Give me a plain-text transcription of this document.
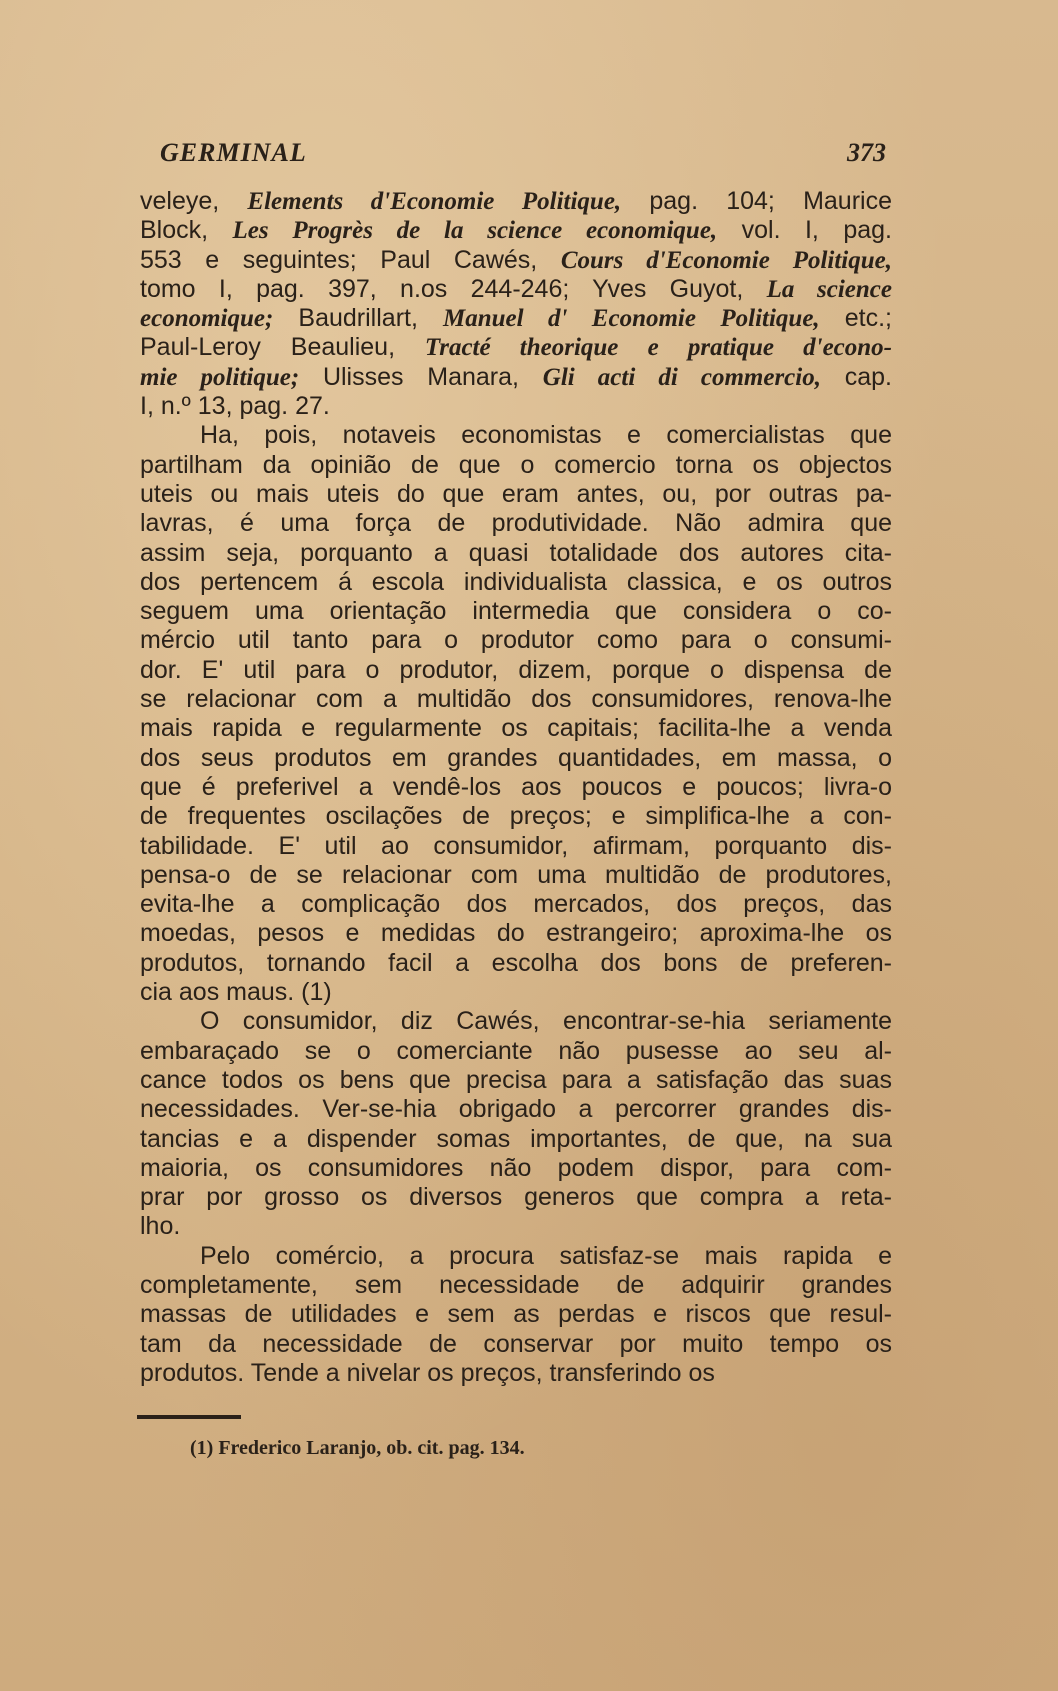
GERMINAL	373
veleye, Elements d'Economie Politique, pag. 104; Maurice
Block, Les Progrès de la science economique, vol. I, pag.
553 e seguintes; Paul Cawés, Cours d'Economie Politique,
tomo I, pag. 397, n.os 244-246; Yves Guyot, La science
economique; Baudrillart, Manuel d' Economie Politique, etc.;
Paul-Leroy Beaulieu, Tracté theorique e pratique d'econo-
mie politique; Ulisses Manara, Gli acti di commercio, cap.
I, n.º 13, pag. 27.
Ha, pois, notaveis economistas e comercialistas que
partilham da opinião de que o comercio torna os objectos
uteis ou mais uteis do que eram antes, ou, por outras pa-
lavras, é uma força de produtividade. Não admira que
assim seja, porquanto a quasi totalidade dos autores cita-
dos pertencem á escola individualista classica, e os outros
seguem uma orientação intermedia que considera o co-
mércio util tanto para o produtor como para o consumi-
dor. E' util para o produtor, dizem, porque o dispensa de
se relacionar com a multidão dos consumidores, renova-lhe
mais rapida e regularmente os capitais; facilita-lhe a venda
dos seus produtos em grandes quantidades, em massa, o
que é preferivel a vendê-los aos poucos e poucos; livra-o
de frequentes oscilações de preços; e simplifica-lhe a con-
tabilidade. E' util ao consumidor, afirmam, porquanto dis-
pensa-o de se relacionar com uma multidão de produtores,
evita-lhe a complicação dos mercados, dos preços, das
moedas, pesos e medidas do estrangeiro; aproxima-lhe os
produtos, tornando facil a escolha dos bons de preferen-
cia aos maus. (1)
O consumidor, diz Cawés, encontrar-se-hia seriamente
embaraçado se o comerciante não pusesse ao seu al-
cance todos os bens que precisa para a satisfação das suas
necessidades. Ver-se-hia obrigado a percorrer grandes dis-
tancias e a dispender somas importantes, de que, na sua
maioria, os consumidores não podem dispor, para com-
prar por grosso os diversos generos que compra a reta-
lho.
Pelo comércio, a procura satisfaz-se mais rapida e
completamente, sem necessidade de adquirir grandes
massas de utilidades e sem as perdas e riscos que resul-
tam da necessidade de conservar por muito tempo os
produtos. Tende a nivelar os preços, transferindo os
(1) Frederico Laranjo, ob. cit. pag. 134.
